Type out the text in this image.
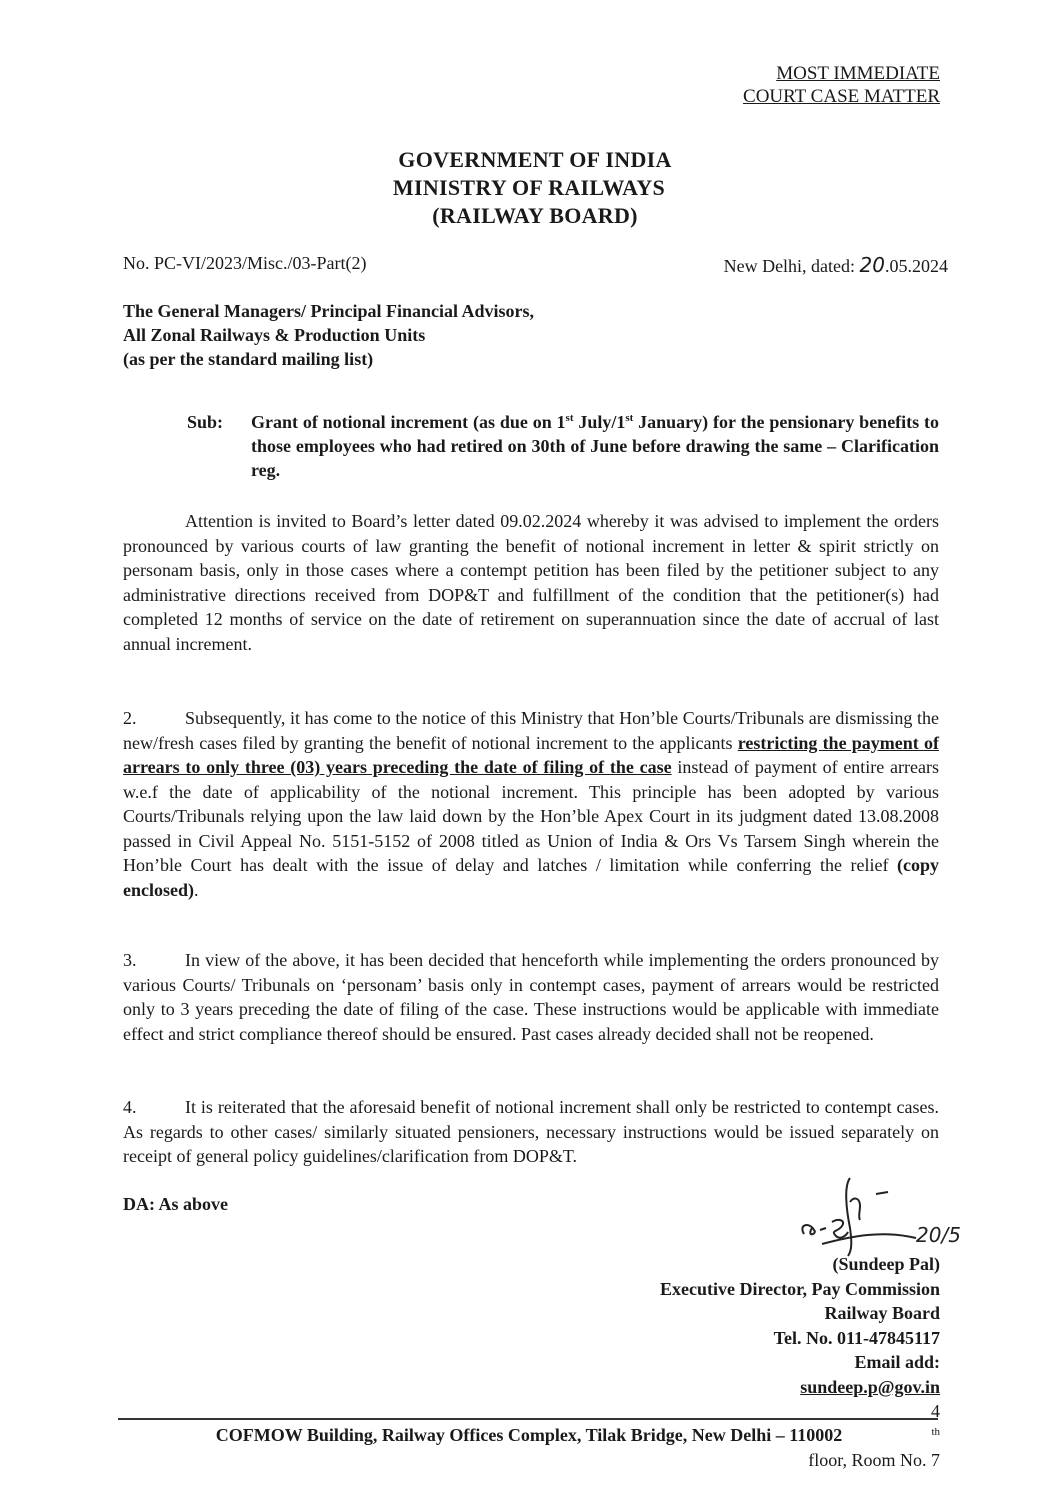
MOST IMMEDIATE
COURT CASE MATTER
GOVERNMENT OF INDIA
MINISTRY OF RAILWAYS
(RAILWAY BOARD)
No. PC-VI/2023/Misc./03-Part(2)	New Delhi, dated: 20.05.2024
The General Managers/ Principal Financial Advisors,
All Zonal Railways & Production Units
(as per the standard mailing list)
Sub:	Grant of notional increment (as due on 1st July/1st January) for the pensionary benefits to those employees who had retired on 30th of June before drawing the same – Clarification reg.
Attention is invited to Board’s letter dated 09.02.2024 whereby it was advised to implement the orders pronounced by various courts of law granting the benefit of notional increment in letter & spirit strictly on personam basis, only in those cases where a contempt petition has been filed by the petitioner subject to any administrative directions received from DOP&T and fulfillment of the condition that the petitioner(s) had completed 12 months of service on the date of retirement on superannuation since the date of accrual of last annual increment.
2.	Subsequently, it has come to the notice of this Ministry that Hon’ble Courts/Tribunals are dismissing the new/fresh cases filed by granting the benefit of notional increment to the applicants restricting the payment of arrears to only three (03) years preceding the date of filing of the case instead of payment of entire arrears w.e.f the date of applicability of the notional increment. This principle has been adopted by various Courts/Tribunals relying upon the law laid down by the Hon’ble Apex Court in its judgment dated 13.08.2008 passed in Civil Appeal No. 5151-5152 of 2008 titled as Union of India & Ors Vs Tarsem Singh wherein the Hon’ble Court has dealt with the issue of delay and latches / limitation while conferring the relief (copy enclosed).
3.	In view of the above, it has been decided that henceforth while implementing the orders pronounced by various Courts/ Tribunals on ‘personam’ basis only in contempt cases, payment of arrears would be restricted only to 3 years preceding the date of filing of the case. These instructions would be applicable with immediate effect and strict compliance thereof should be ensured. Past cases already decided shall not be reopened.
4.	It is reiterated that the aforesaid benefit of notional increment shall only be restricted to contempt cases. As regards to other cases/ similarly situated pensioners, necessary instructions would be issued separately on receipt of general policy guidelines/clarification from DOP&T.
DA: As above
20/5
(Sundeep Pal)
Executive Director, Pay Commission
Railway Board
Tel. No. 011-47845117
Email add:
sundeep.p@gov.in
4
$^{th}$
floor, Room No. 7
COFMOW Building, Railway Offices Complex, Tilak Bridge, New Delhi – 110002
